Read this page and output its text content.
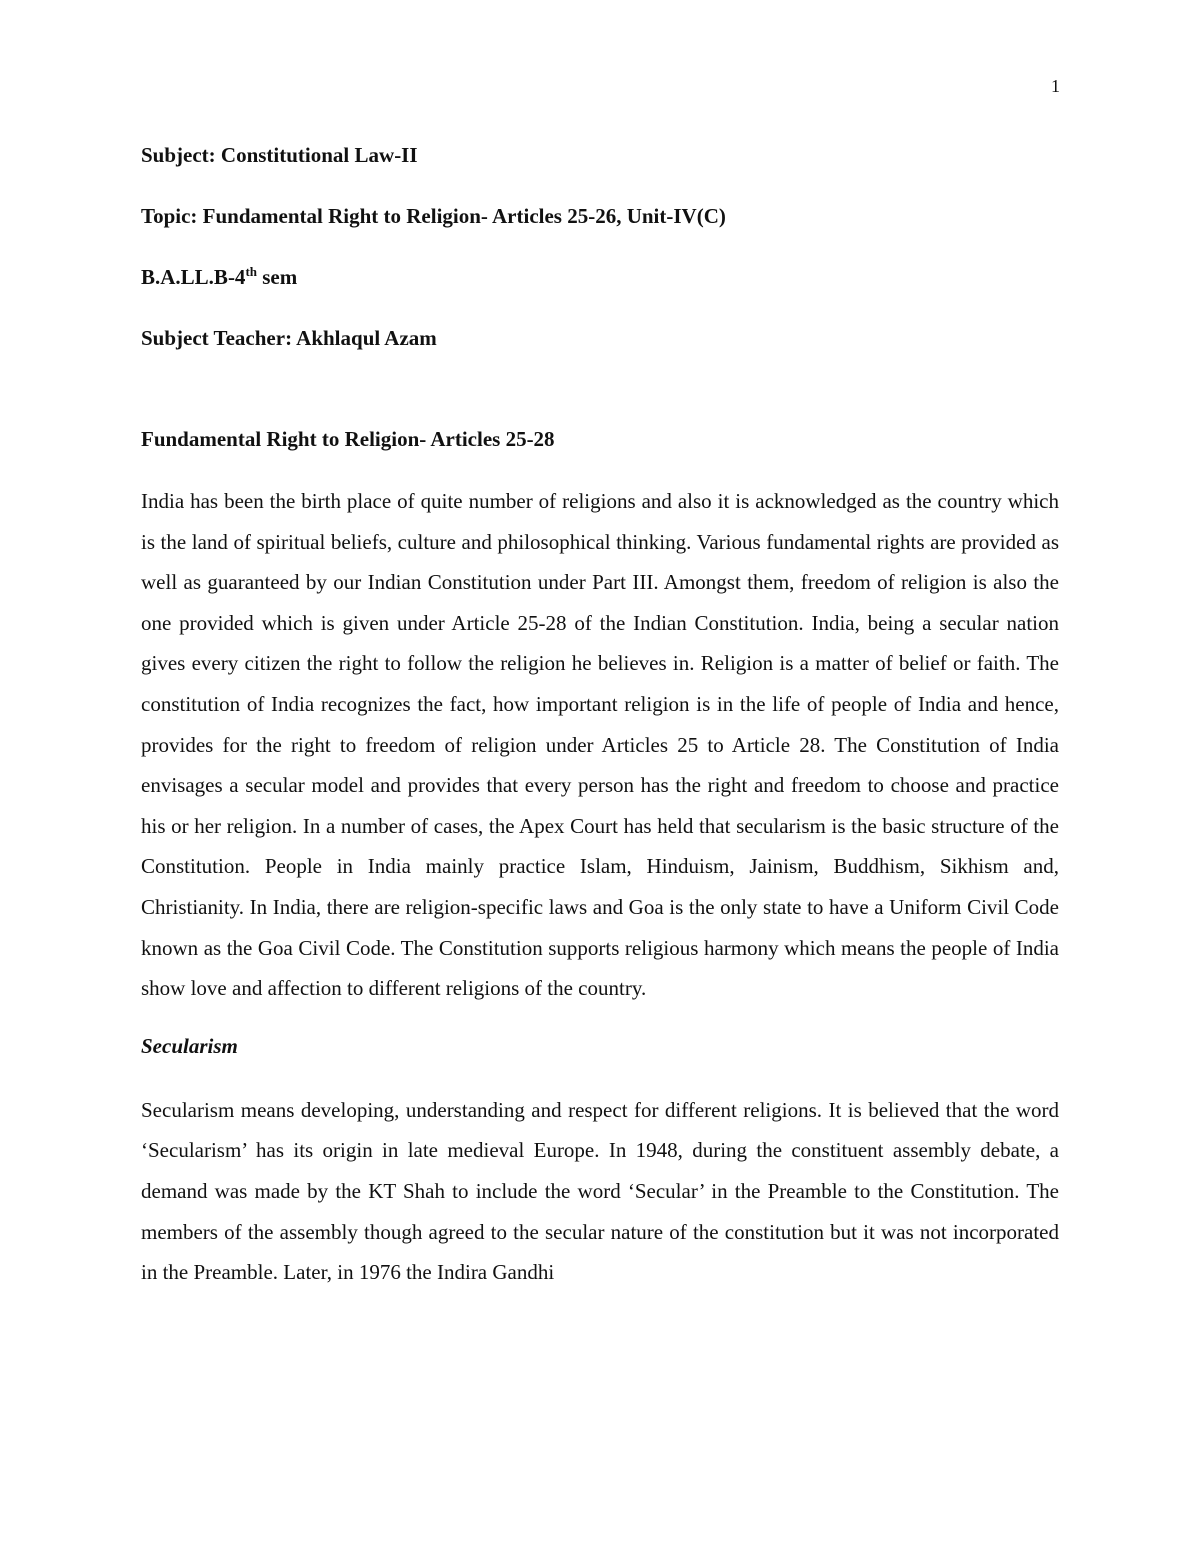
1

Subject: Constitutional Law-II

Topic: Fundamental Right to Religion- Articles 25-26, Unit-IV(C)

B.A.LL.B-4th sem

Subject Teacher: Akhlaqul Azam

Fundamental Right to Religion- Articles 25-28

India has been the birth place of quite number of religions and also it is acknowledged as the country which is the land of spiritual beliefs, culture and philosophical thinking. Various fundamental rights are provided as well as guaranteed by our Indian Constitution under Part III. Amongst them, freedom of religion is also the one provided which is given under Article 25-28 of the Indian Constitution. India, being a secular nation gives every citizen the right to follow the religion he believes in. Religion is a matter of belief or faith. The constitution of India recognizes the fact, how important religion is in the life of people of India and hence, provides for the right to freedom of religion under Articles 25 to Article 28. The Constitution of India envisages a secular model and provides that every person has the right and freedom to choose and practice his or her religion. In a number of cases, the Apex Court has held that secularism is the basic structure of the Constitution. People in India mainly practice Islam, Hinduism, Jainism, Buddhism, Sikhism and, Christianity. In India, there are religion-specific laws and Goa is the only state to have a Uniform Civil Code known as the Goa Civil Code. The Constitution supports religious harmony which means the people of India show love and affection to different religions of the country.

Secularism

Secularism means developing, understanding and respect for different religions. It is believed that the word ‘Secularism’ has its origin in late medieval Europe. In 1948, during the constituent assembly debate, a demand was made by the KT Shah to include the word ‘Secular’ in the Preamble to the Constitution. The members of the assembly though agreed to the secular nature of the constitution but it was not incorporated in the Preamble. Later, in 1976 the Indira Gandhi
